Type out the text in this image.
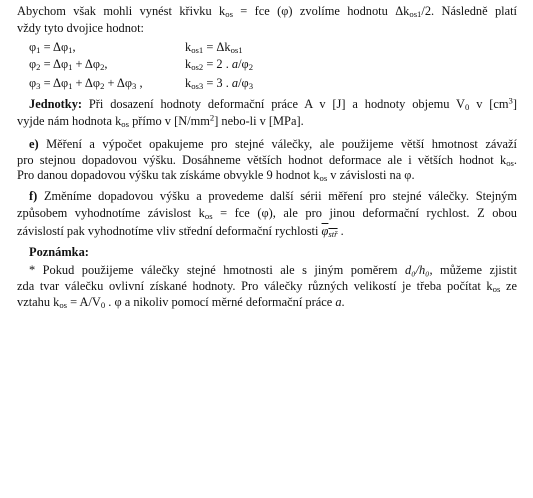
Abychom však mohli vynést křivku $k_{os}$ = fce (φ) zvolíme hodnotu $\Delta k_{os1}/2$. Následně platí
vždy tyto dvojice hodnot:
$\varphi_1 = \Delta\varphi_1$,	$k_{os1} = \Delta k_{os1}$
$\varphi_2 = \Delta\varphi_1 + \Delta\varphi_2$,	$k_{os2} = 2$ . $a/\varphi_2$
$\varphi_3 = \Delta\varphi_1 + \Delta\varphi_2 + \Delta\varphi_3$ ,	$k_{os3} = 3$ . $a/\varphi_3$
Jednotky: Při dosazení hodnoty deformační práce A v [J] a hodnoty objemu $V_0$ v $[cm^3]$
vyjde nám hodnota $k_{os}$ přímo v $[N/mm^2]$ nebo-li v [MPa].
e) Měření a výpočet opakujeme pro stejné válečky, ale použijeme větší hmotnost závaží
pro stejnou dopadovou výšku. Dosáhneme větších hodnot deformace ale i větších hodnot $k_{os}$.
Pro danou dopadovou výšku tak získáme obvykle 9 hodnot $k_{os}$ v závislosti na φ.
f) Změníme dopadovou výšku a provedeme další sérii měření pro stejné válečky. Stejným
způsobem vyhodnotíme závislost $k_{os}$ = fce (φ), ale pro jinou deformační rychlost. Z obou
závislostí pak vyhodnotíme vliv střední deformační rychlosti $\varphi_{stř}$ .
Poznámka:
* Pokud použijeme válečky stejné hmotnosti ale s jiným poměrem d₀/h₀, můžeme zjistit
zda tvar válečku ovlivní získané hodnoty. Pro válečky různých velikostí je třeba počítat $k_{os}$ ze
vztahu $k_{os} = A/V_0$ . φ a nikoliv pomocí měrné deformační práce a.
